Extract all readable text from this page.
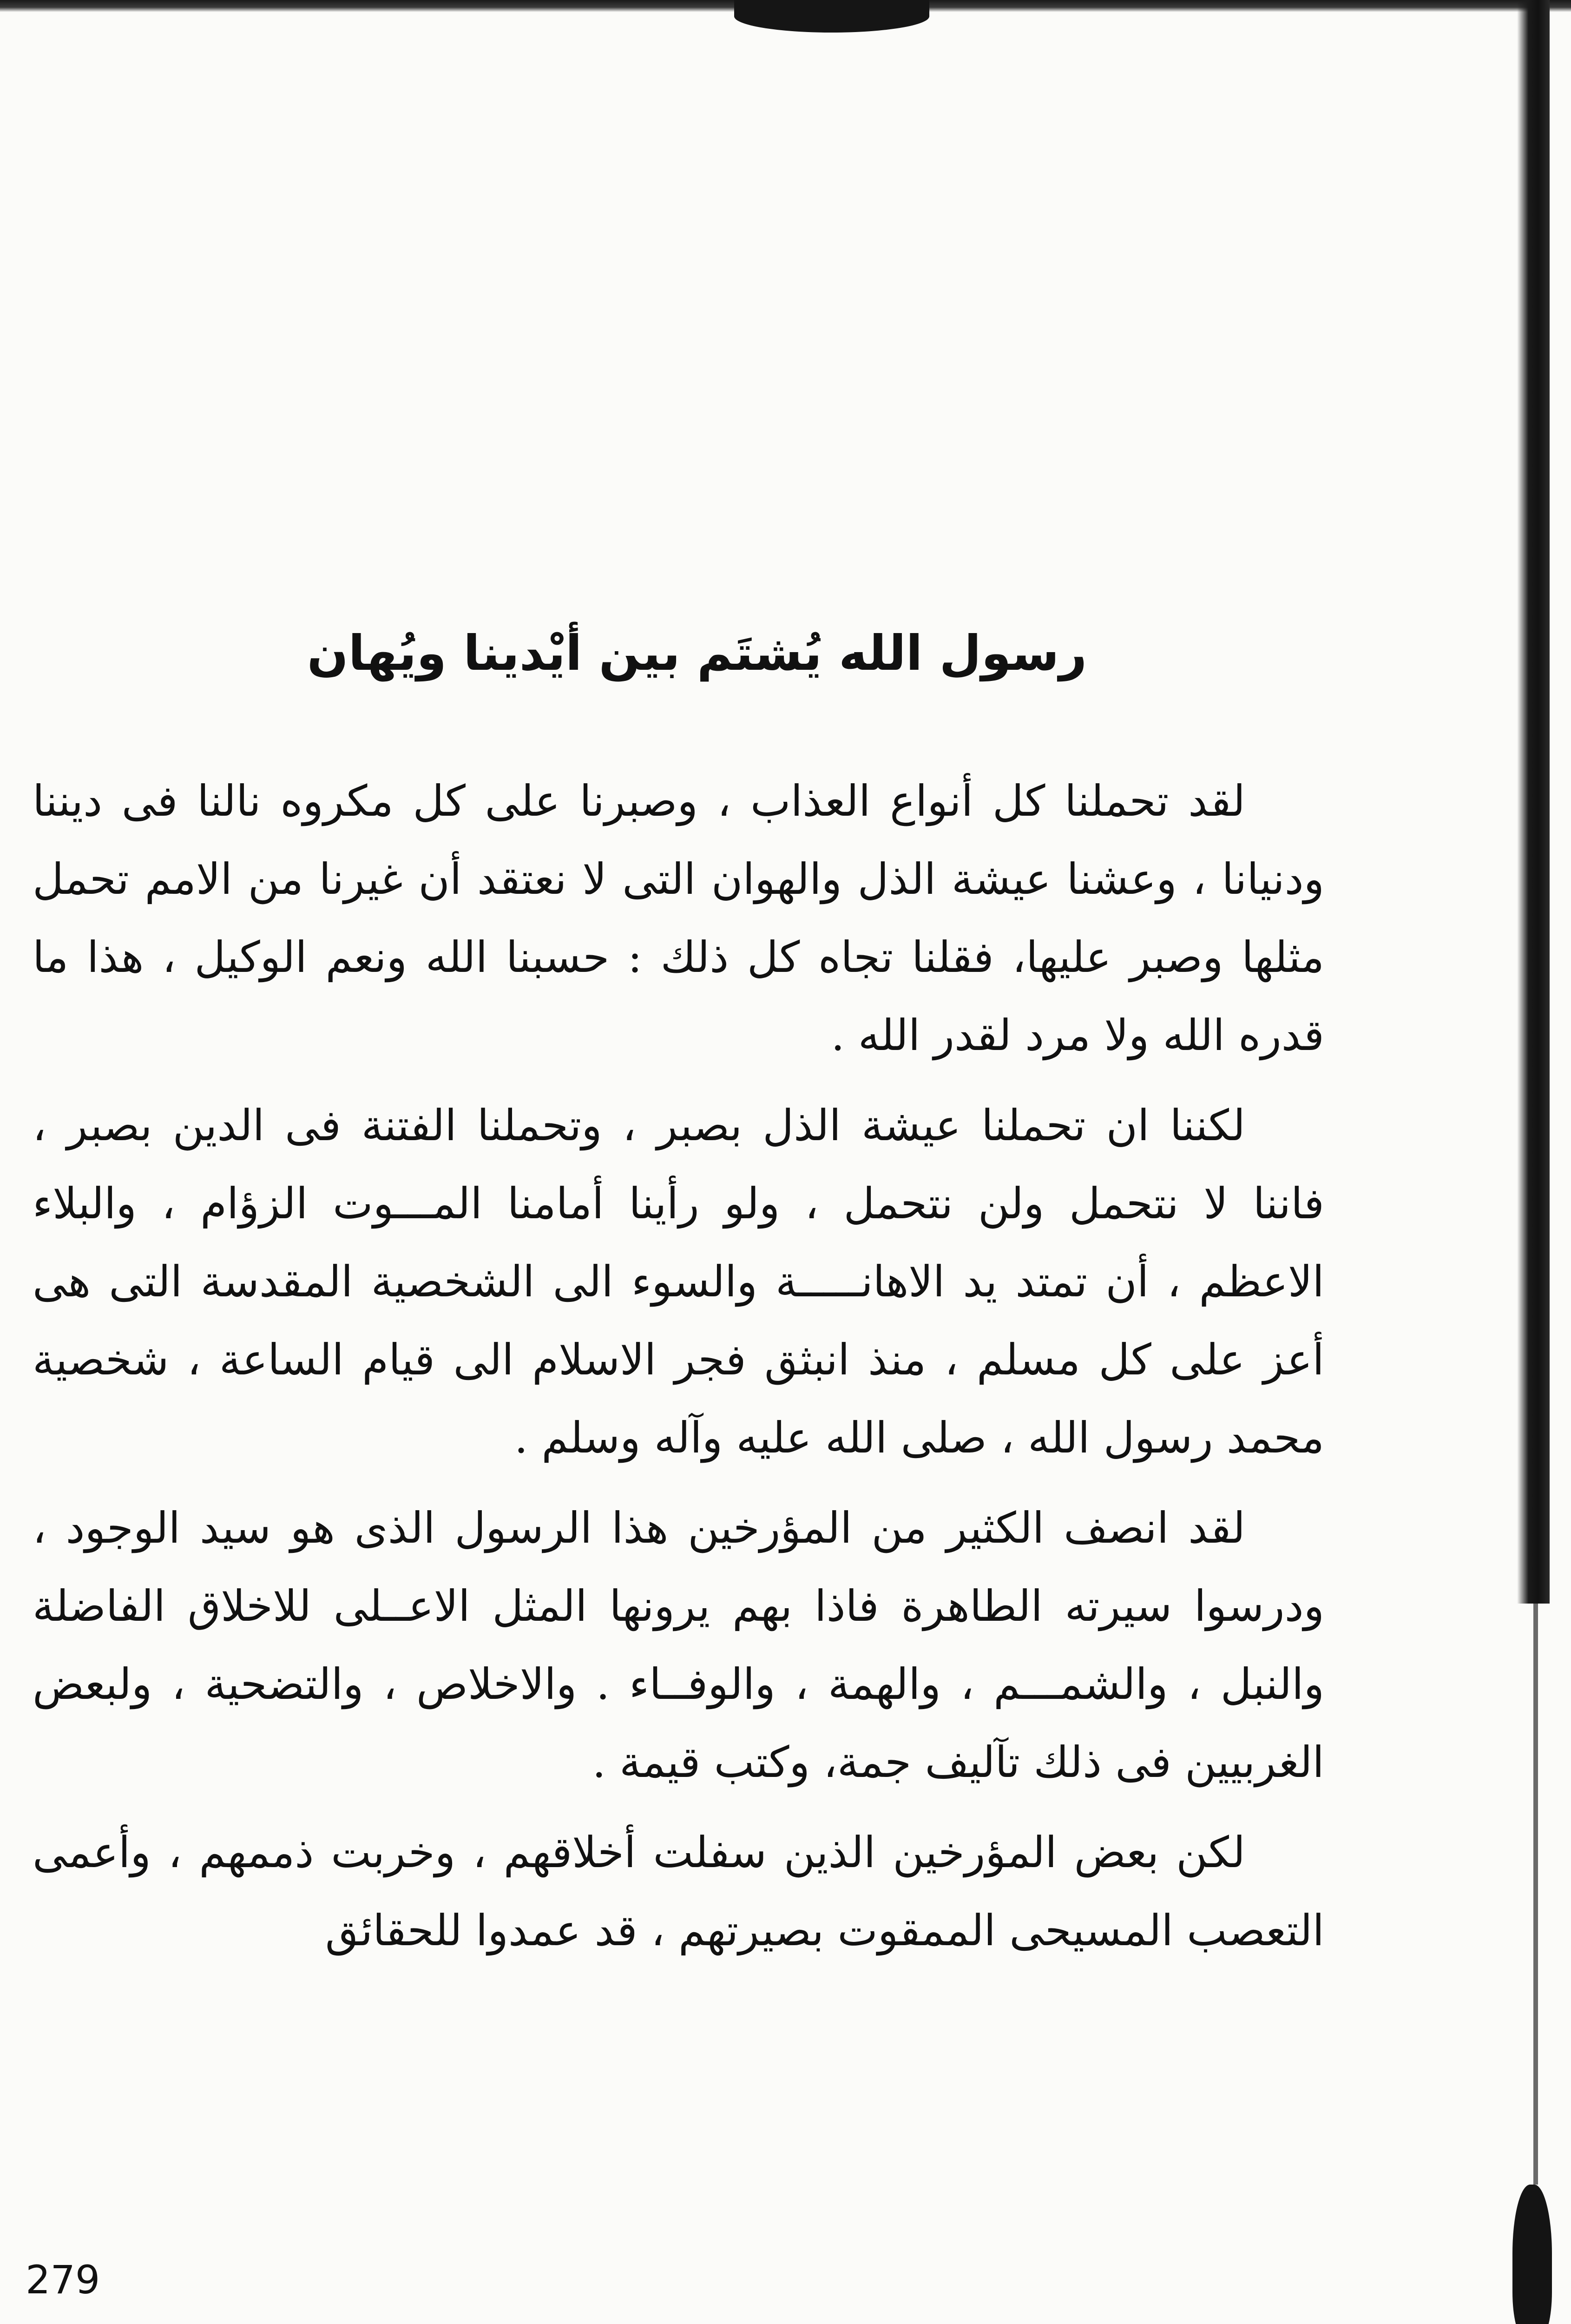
رسول الله يُشتَم بين أيْدينا ويُهان

لقد تحملنا كل أنواع العذاب ، وصبرنا على كل مكروه نالنا فى ديننا ودنيانا ، وعشنا عيشة الذل والهوان التى لا نعتقد أن غيرنا من الامم تحمل مثلها وصبر عليها، فقلنا تجاه كل ذلك : حسبنا الله ونعم الوكيل ، هذا ما قدره الله ولا مرد لقدر الله .

لكننا ان تحملنا عيشة الذل بصبر ، وتحملنا الفتنة فى الدين بصبر ، فاننا لا نتحمل ولن نتحمل ، ولو رأينا أمامنا المـــوت الزؤام ، والبلاء الاعظم ، أن تمتد يد الاهانـــــة والسوء الى الشخصية المقدسة التى هى أعز على كل مسلم ، منذ انبثق فجر الاسلام الى قيام الساعة ، شخصية محمد رسول الله ، صلى الله عليه وآله وسلم .

لقد انصف الكثير من المؤرخين هذا الرسول الذى هو سيد الوجود ، ودرسوا سيرته الطاهرة فاذا بهم يرونها المثل الاعــلى للاخلاق الفاضلة والنبل ، والشمـــم ، والهمة ، والوفــاء . والاخلاص ، والتضحية ، ولبعض الغربيين فى ذلك تآليف جمة، وكتب قيمة .

لكن بعض المؤرخين الذين سفلت أخلاقهم ، وخربت ذممهم ، وأعمى التعصب المسيحى الممقوت بصيرتهم ، قد عمدوا للحقائق

279
